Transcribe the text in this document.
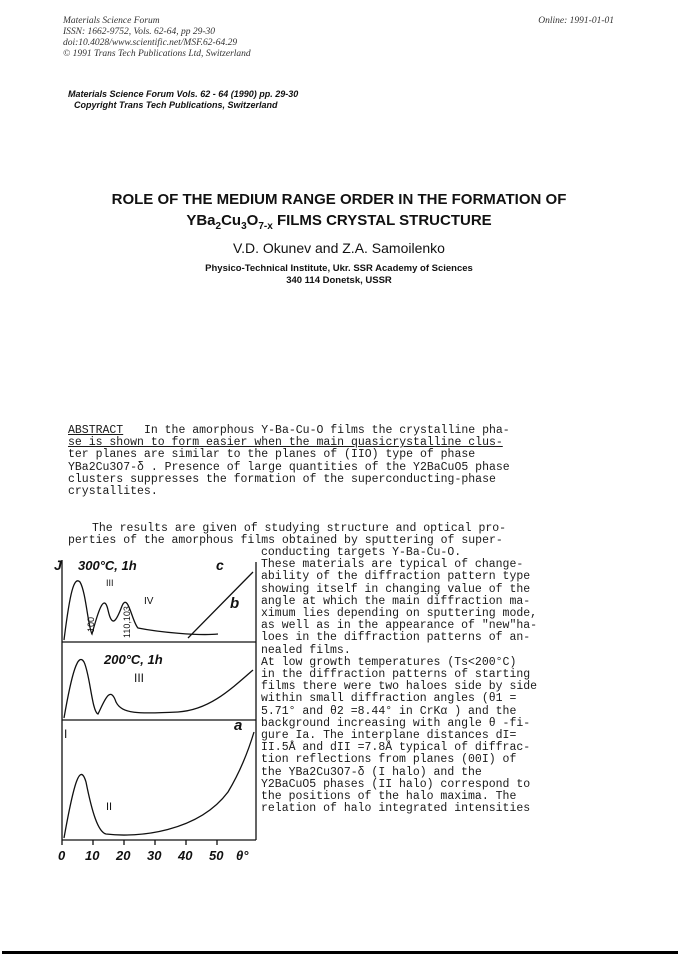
Materials Science Forum
ISSN: 1662-9752, Vols. 62-64, pp 29-30
doi:10.4028/www.scientific.net/MSF.62-64.29
© 1991 Trans Tech Publications Ltd, Switzerland
Online: 1991-01-01
Materials Science Forum Vols. 62 - 64 (1990) pp. 29-30
Copyright Trans Tech Publications, Switzerland
ROLE OF THE MEDIUM RANGE ORDER IN THE FORMATION OF
$YBa_2Cu_3O_{7-x}$ FILMS CRYSTAL STRUCTURE
V.D. Okunev and Z.A. Samoilenko
Physico-Technical Institute, Ukr. SSR Academy of Sciences
340 114 Donetsk, USSR
ABSTRACT In the amorphous Y-Ba-Cu-O films the crystalline pha-
se is shown to form easier when the main quasicrystalline clus-
ter planes are similar to the planes of (IIO) type of phase
YBa2Cu3O7-δ . Presence of large quantities of the Y2BaCuO5 phase
clusters suppresses the formation of the superconducting-phase
crystallites.
The results are given of studying structure and optical pro-
perties of the amorphous films obtained by sputtering of super-
conducting targets Y-Ba-Cu-O.
These materials are typical of change-
ability of the diffraction pattern type
showing itself in changing value of the
angle at which the main diffraction ma-
ximum lies depending on sputtering mode,
as well as in the appearance of "new"ha-
loes in the diffraction patterns of an-
nealed films.
At low growth temperatures (Ts<200°C)
in the diffraction patterns of starting
films there were two haloes side by side
within small diffraction angles (θ1 =
5.71° and θ2 =8.44° in CrKα ) and the
background increasing with angle θ -fi-
gure Ia. The interplane distances dI=
II.5Å and dII =7.8Å typical of diffrac-
tion reflections from planes (00I) of
the YBa2Cu3O7-δ (I halo) and the
Y2BaCuO5 phases (II halo) correspond to
the positions of the halo maxima. The
relation of halo integrated intensities
300°C, 1h	c
b
a
200°C, 1h
J
100	110,103
III
IV
III
II
I
0 10 20 30 40 50 θ°
